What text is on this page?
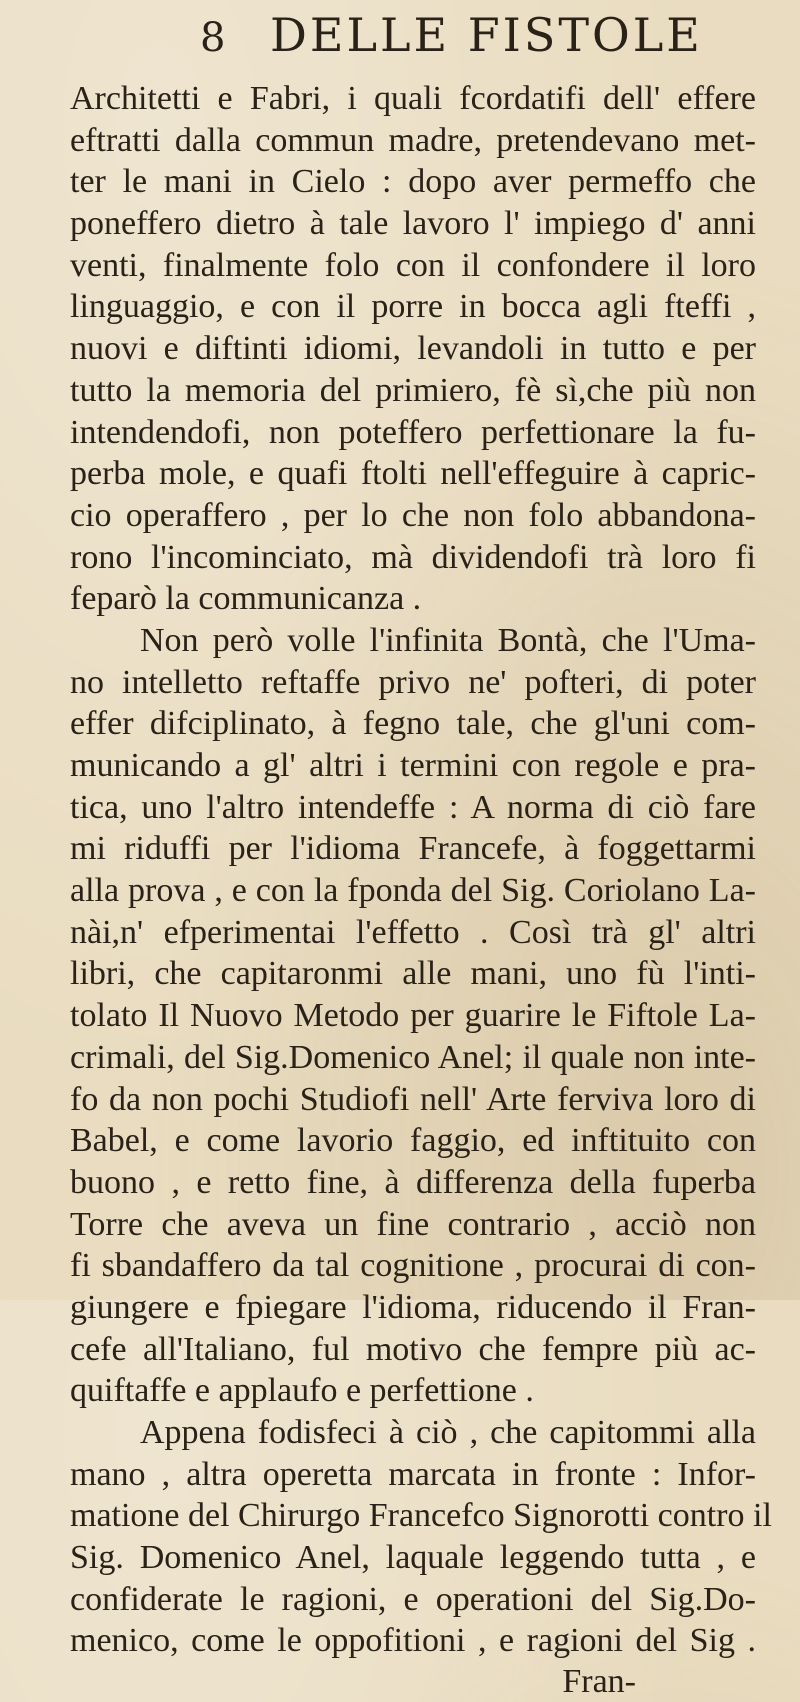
8 DELLE FISTOLE
Architetti e Fabri, i quali fcordatifi dell' effere
eftratti dalla commun madre, pretendevano met-
ter le mani in Cielo : dopo aver permeffo che
poneffero dietro à tale lavoro l' impiego d' anni
venti, finalmente folo con il confondere il loro
linguaggio, e con il porre in bocca agli fteffi ,
nuovi e diftinti idiomi, levandoli in tutto e per
tutto la memoria del primiero, fè sì,che più non
intendendofi, non poteffero perfettionare la fu-
perba mole, e quafi ftolti nell'effeguire à capric-
cio operaffero , per lo che non folo abbandona-
rono l'incominciato, mà dividendofi trà loro fi
feparò la communicanza .
Non però volle l'infinita Bontà, che l'Uma-
no intelletto reftaffe privo ne' pofteri, di poter
effer difciplinato, à fegno tale, che gl'uni com-
municando a gl' altri i termini con regole e pra-
tica, uno l'altro intendeffe : A norma di ciò fare
mi riduffi per l'idioma Francefe, à foggettarmi
alla prova , e con la fponda del Sig. Coriolano La-
nài,n' efperimentai l'effetto . Così trà gl' altri
libri, che capitaronmi alle mani, uno fù l'inti-
tolato Il Nuovo Metodo per guarire le Fiftole La-
crimali, del Sig.Domenico Anel; il quale non inte-
fo da non pochi Studiofi nell' Arte ferviva loro di
Babel, e come lavorio faggio, ed inftituito con
buono , e retto fine, à differenza della fuperba
Torre che aveva un fine contrario , acciò non
fi sbandaffero da tal cognitione , procurai di con-
giungere e fpiegare l'idioma, riducendo il Fran-
cefe all'Italiano, ful motivo che fempre più ac-
quiftaffe e applaufo e perfettione .
Appena fodisfeci à ciò , che capitommi alla
mano , altra operetta marcata in fronte : Infor-
matione del Chirurgo Francefco Signorotti contro il
Sig. Domenico Anel, laquale leggendo tutta , e
confiderate le ragioni, e operationi del Sig.Do-
menico, come le oppofitioni , e ragioni del Sig .
Fran-
